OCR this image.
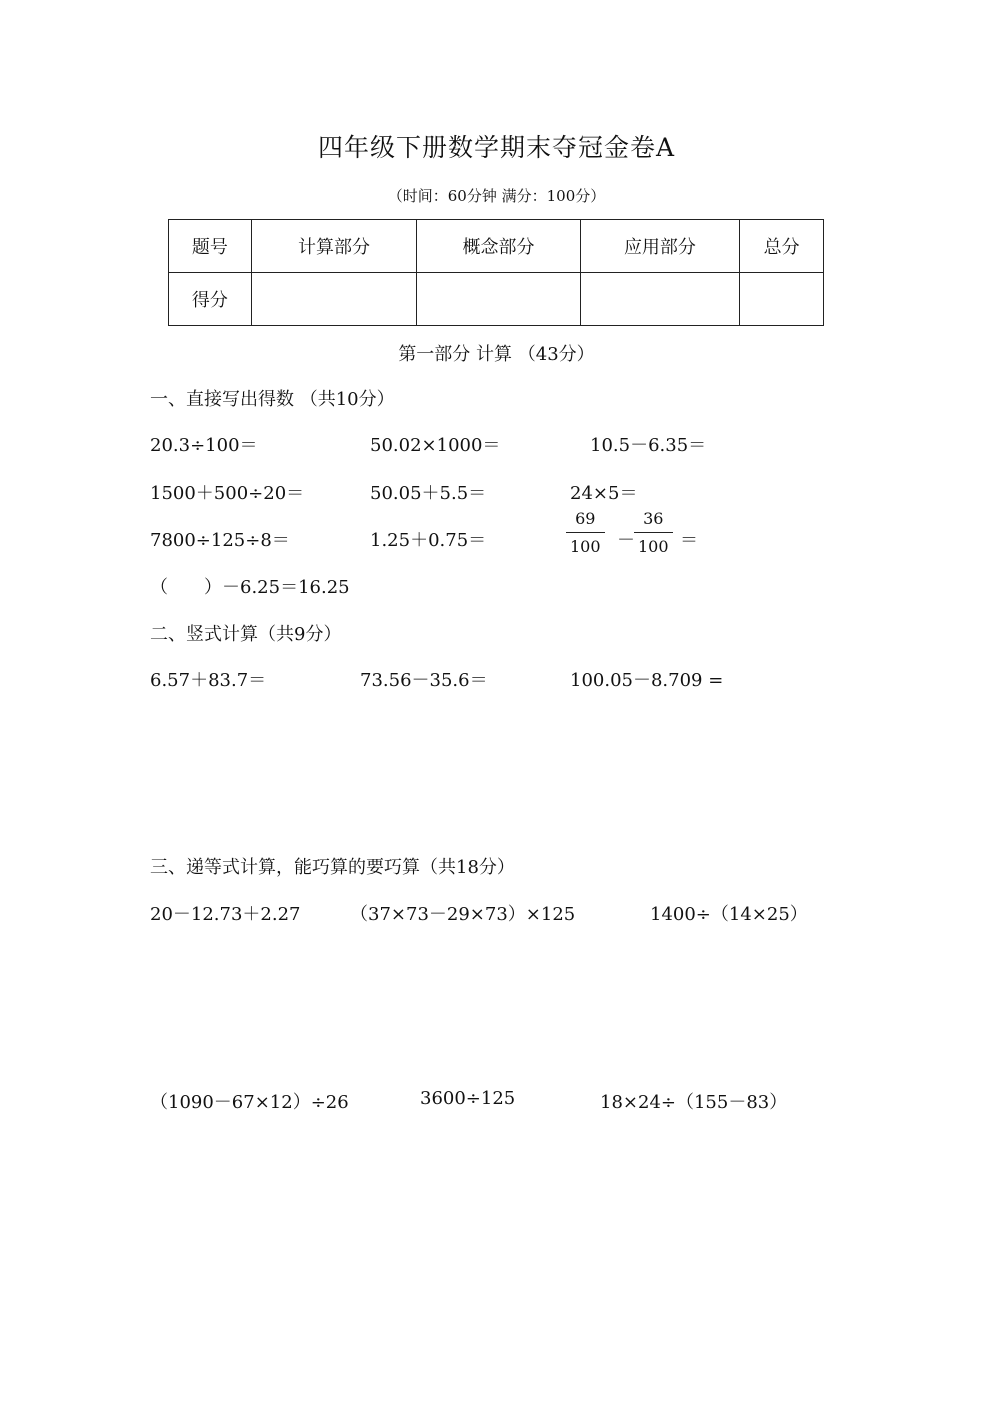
四年级下册数学期末夺冠金卷A
（时间：60分钟 满分：100分）
题号	计算部分	概念部分	应用部分	总分
得分				
第一部分 计算 （43分）
一、直接写出得数 （共10分）
20.3÷100＝	50.02×1000＝	10.5－6.35＝
1500＋500÷20＝	50.05＋5.5＝	24×5＝
7800÷125÷8＝	1.25＋0.75＝	$\frac{69}{100} - \frac{36}{100}$ ＝
（　　）－6.25＝16.25
二、竖式计算（共9分）
6.57＋83.7＝	73.56－35.6＝	100.05－8.709 =
三、递等式计算，能巧算的要巧算（共18分）
20－12.73＋2.27	（37×73－29×73）×125	1400÷（14×25）
（1090－67×12）÷26	3600÷125	18×24÷（155－83）
